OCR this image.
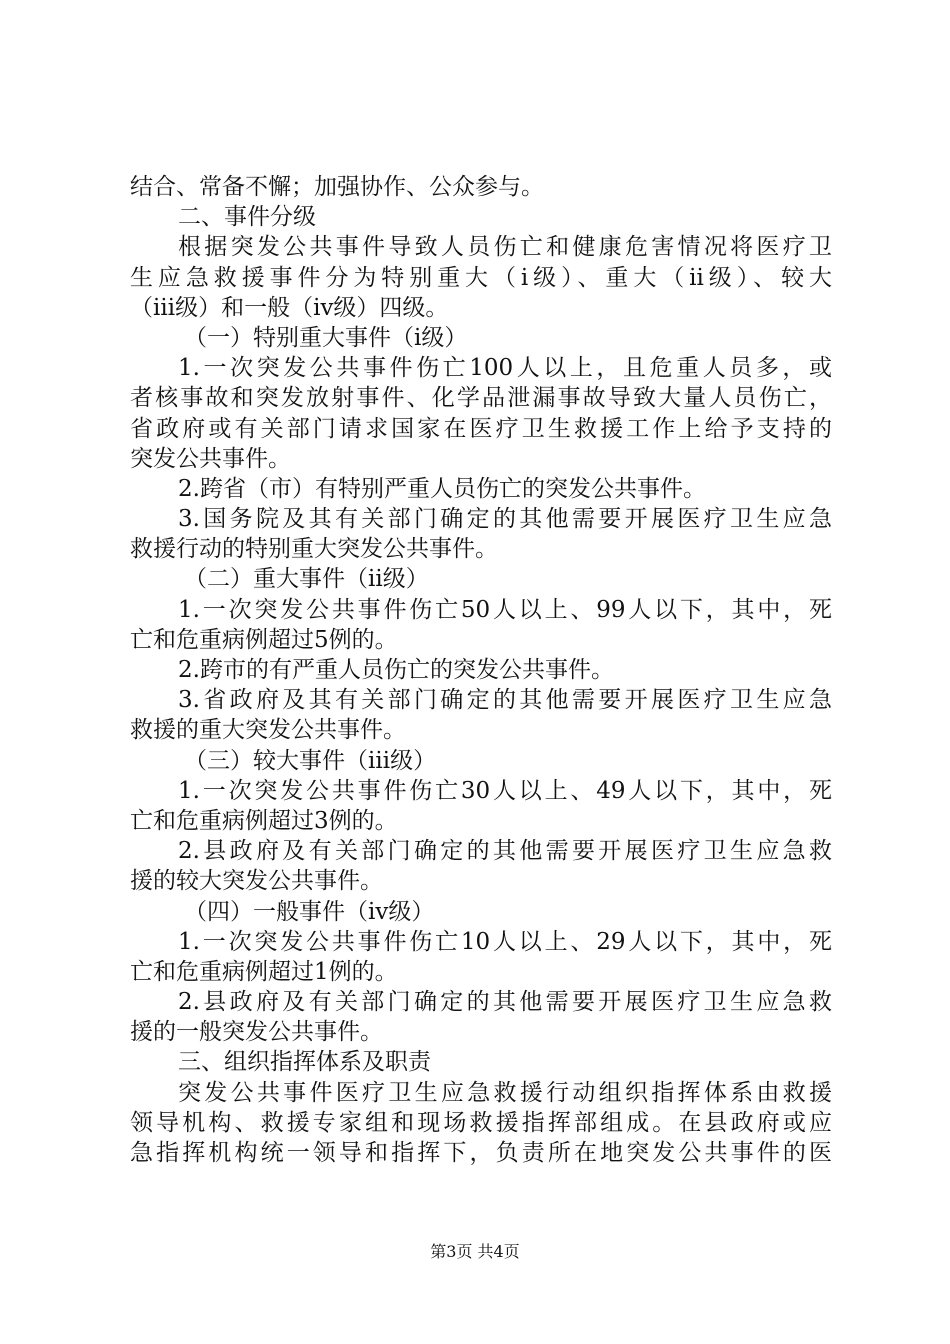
结合、常备不懈；加强协作、公众参与。
二、事件分级
根据突发公共事件导致人员伤亡和健康危害情况将医疗卫
生应急救援事件分为特别重大（ⅰ级）、重大（ⅱ级）、较大
（ⅲ级）和一般（ⅳ级）四级。
（一）特别重大事件（ⅰ级）
1.一次突发公共事件伤亡100人以上，且危重人员多，或
者核事故和突发放射事件、化学品泄漏事故导致大量人员伤亡，
省政府或有关部门请求国家在医疗卫生救援工作上给予支持的
突发公共事件。
2.跨省（市）有特别严重人员伤亡的突发公共事件。
3.国务院及其有关部门确定的其他需要开展医疗卫生应急
救援行动的特别重大突发公共事件。
（二）重大事件（ⅱ级）
1.一次突发公共事件伤亡50人以上、99人以下，其中，死
亡和危重病例超过5例的。
2.跨市的有严重人员伤亡的突发公共事件。
3.省政府及其有关部门确定的其他需要开展医疗卫生应急
救援的重大突发公共事件。
（三）较大事件（ⅲ级）
1.一次突发公共事件伤亡30人以上、49人以下，其中，死
亡和危重病例超过3例的。
2.县政府及有关部门确定的其他需要开展医疗卫生应急救
援的较大突发公共事件。
（四）一般事件（ⅳ级）
1.一次突发公共事件伤亡10人以上、29人以下，其中，死
亡和危重病例超过1例的。
2.县政府及有关部门确定的其他需要开展医疗卫生应急救
援的一般突发公共事件。
三、组织指挥体系及职责
突发公共事件医疗卫生应急救援行动组织指挥体系由救援
领导机构、救援专家组和现场救援指挥部组成。在县政府或应
急指挥机构统一领导和指挥下，负责所在地突发公共事件的医
第3页 共4页
